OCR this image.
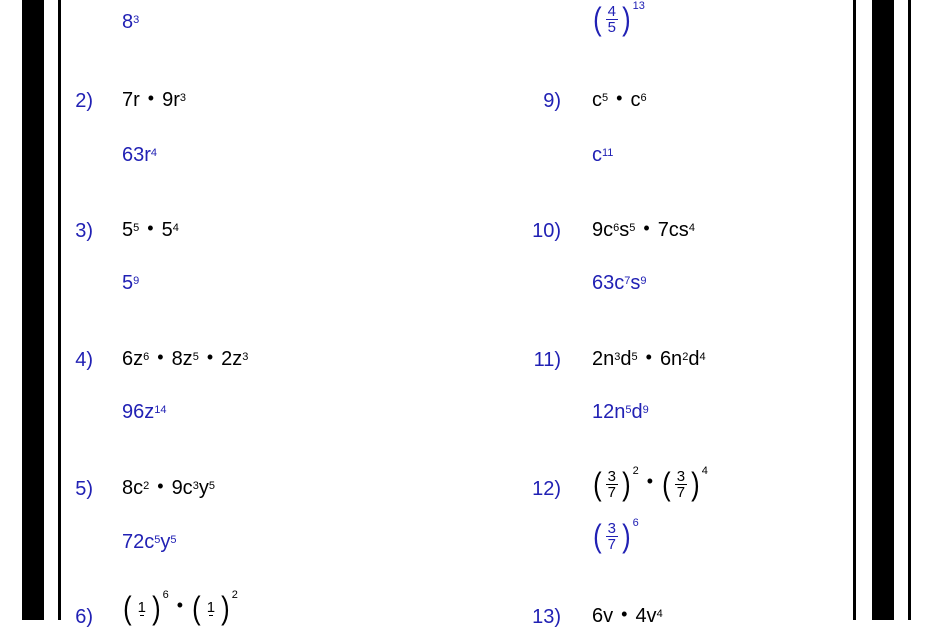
$8^3$	( $\frac{4}{5}$ ) 13
2) 7r • $9r^3$
$63r^4$
3) $5^5$ • $5^4$
$5^9$
4) $6z^6$ • $8z^5$ • $2z^3$
$96z^{14}$
5) $8c^2$ • $9c^3y^5$
$72c^5y^5$
6) ( 1 ) 6
• ( 1 ) 2
9) $c^5$ • $c^6$
$c^{11}$
10) $9c^6s^5$ • $7cs^4$
$63c^7s^9$
11) $2n^3d^5$ • $6n^2d^4$
$12n^5d^9$
12) ( $\frac{3}{7}$ ) 2
• ( $\frac{3}{7}$ ) 4
( $\frac{3}{7}$ ) 6
13) 6v • $4v^4$
